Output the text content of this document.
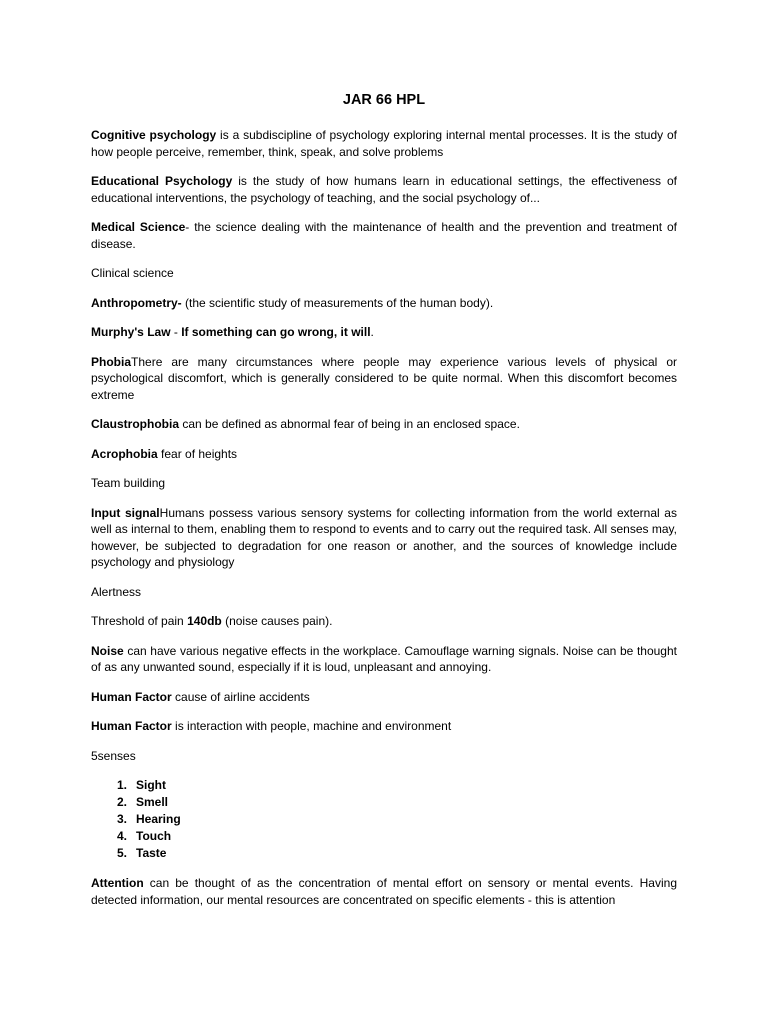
JAR 66 HPL

Cognitive psychology is a subdiscipline of psychology exploring internal mental processes. It is the study of how people perceive, remember, think, speak, and solve problems

Educational Psychology is the study of how humans learn in educational settings, the effectiveness of educational interventions, the psychology of teaching, and the social psychology of...

Medical Science- the science dealing with the maintenance of health and the prevention and treatment of disease.

Clinical science

Anthropometry- (the scientific study of measurements of the human body).

Murphy's Law - If something can go wrong, it will.

PhobiaThere are many circumstances where people may experience various levels of physical or psychological discomfort, which is generally considered to be quite normal. When this discomfort becomes extreme

Claustrophobia can be defined as abnormal fear of being in an enclosed space.

Acrophobia fear of heights

Team building

Input signalHumans possess various sensory systems for collecting information from the world external as well as internal to them, enabling them to respond to events and to carry out the required task. All senses may, however, be subjected to degradation for one reason or another, and the sources of knowledge include psychology and physiology

Alertness

Threshold of pain 140db (noise causes pain).

Noise can have various negative effects in the workplace. Camouflage warning signals. Noise can be thought of as any unwanted sound, especially if it is loud, unpleasant and annoying.

Human Factor cause of airline accidents

Human Factor is interaction with people, machine and environment

5senses

1. Sight
2. Smell
3. Hearing
4. Touch
5. Taste

Attention can be thought of as the concentration of mental effort on sensory or mental events. Having detected information, our mental resources are concentrated on specific elements - this is attention
